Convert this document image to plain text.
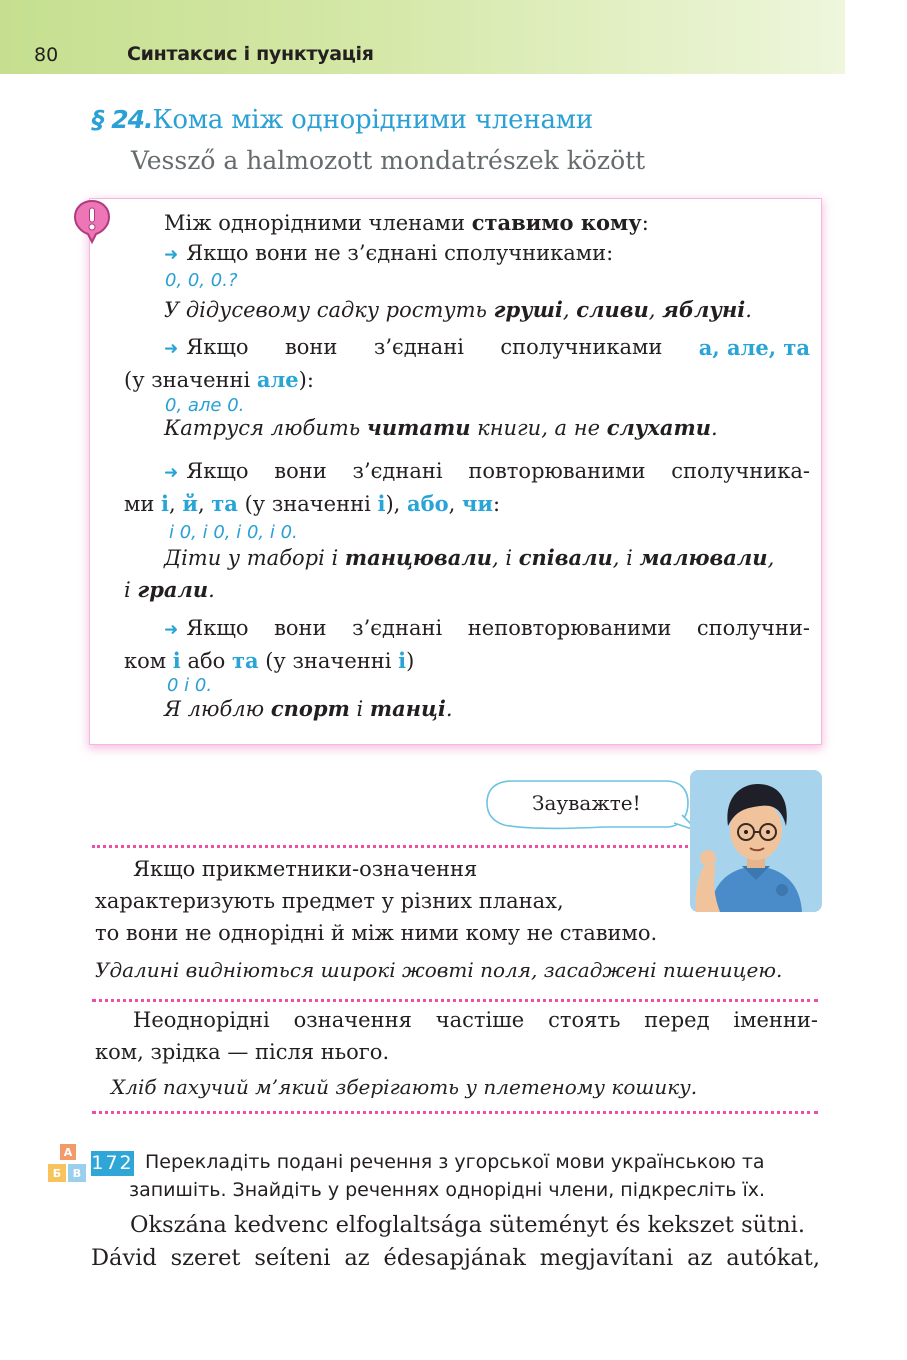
80	Синтаксис і пунктуація
§ 24.Кома між однорідними членами
Vessző a halmozott mondatrészek között
Між однорідними членами ставимо кому:
➜ Якщо вони не з’єднані сполучниками:
0, 0, 0.?
У дідусевому садку ростуть груші, сливи, яблуні.
➜ Якщо вони з’єднані сполучниками а, але, та
(у значенні але):
0, але 0.
Катруся любить читати книги, а не слухати.
➜ Якщо вони з’єднані повторюваними сполучника-
ми і, й, та (у значенні і), або, чи:
і 0, і 0, і 0, і 0.
Діти у таборі і танцювали, і співали, і малювали,
і грали.
➜ Якщо вони з’єднані неповторюваними сполучни-
ком і або та (у значенні і)
0 і 0.
Я люблю спорт і танці.
Зауважте!
Якщо прикметники-означення
характеризують предмет у різних планах,
то вони не однорідні й між ними кому не ставимо.
Удалині видніються широкі жовті поля, засаджені пшеницею.
Неоднорідні означення частіше стоять перед іменни-
ком, зрідка — після нього.
Хліб пахучий м’який зберігають у плетеному кошику.
А
Б В 172 Перекладіть подані речення з угорської мови українською та
запишіть. Знайдіть у реченнях однорідні члени, підкресліть їх.
Okszána kedvenc elfoglaltsága süteményt és kekszet sütni.
Dávid szeret seíteni az édesapjának megjavítani az autókat,
